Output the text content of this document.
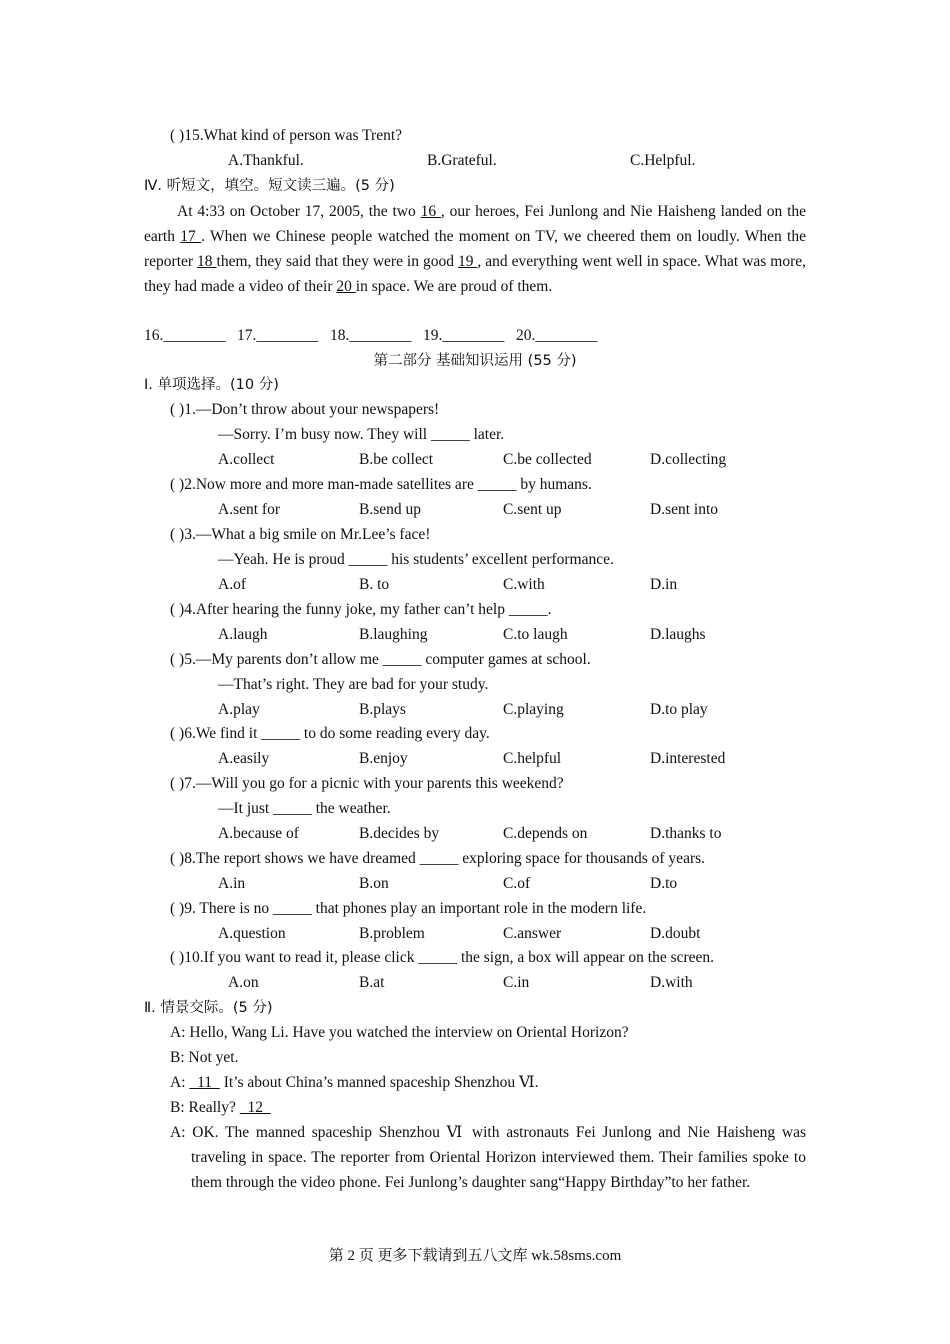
( )15.What kind of person was Trent?
A.Thankful.	B.Grateful.	C.Helpful.
Ⅳ. 听短文，填空。短文读三遍。(5 分)
At 4:33 on October 17, 2005, the two 16 , our heroes, Fei Junlong and Nie Haisheng landed on the earth 17 . When we Chinese people watched the moment on TV, we cheered them on loudly. When the reporter 18 them, they said that they were in good 19 , and everything went well in space. What was more, they had made a video of their 20 in space. We are proud of them.
16.________   17.________   18.________   19.________   20.________
第二部分 基础知识运用 (55 分)
Ⅰ. 单项选择。(10 分)
( )1.—Don’t throw about your newspapers!
—Sorry. I’m busy now. They will _____ later.
A.collect	B.be collect	C.be collected	D.collecting
( )2.Now more and more man-made satellites are _____ by humans.
A.sent for	B.send up	C.sent up	D.sent into
( )3.—What a big smile on Mr.Lee’s face!
—Yeah. He is proud _____ his students’ excellent performance.
A.of	B. to	C.with	D.in
( )4.After hearing the funny joke, my father can’t help _____.
A.laugh	B.laughing	C.to laugh	D.laughs
( )5.—My parents don’t allow me _____ computer games at school.
—That’s right. They are bad for your study.
A.play	B.plays	C.playing	D.to play
( )6.We find it _____ to do some reading every day.
A.easily	B.enjoy	C.helpful	D.interested
( )7.—Will you go for a picnic with your parents this weekend?
—It just _____ the weather.
A.because of	B.decides by	C.depends on	D.thanks to
( )8.The report shows we have dreamed _____ exploring space for thousands of years.
A.in	B.on	C.of	D.to
( )9. There is no _____ that phones play an important role in the modern life.
A.question	B.problem	C.answer	D.doubt
( )10.If you want to read it, please click _____ the sign, a box will appear on the screen.
A.on	B.at	C.in	D.with
Ⅱ. 情景交际。(5 分)
A: Hello, Wang Li. Have you watched the interview on Oriental Horizon?
B: Not yet.
A:   11   It’s about China’s manned spaceship Shenzhou Ⅵ.
B: Really?   12
A: OK. The manned spaceship Shenzhou Ⅵ with astronauts Fei Junlong and Nie Haisheng was traveling in space. The reporter from Oriental Horizon interviewed them. Their families spoke to them through the video phone. Fei Junlong’s daughter sang“Happy Birthday”to her father.
第 2 页 更多下载请到五八文库 wk.58sms.com
